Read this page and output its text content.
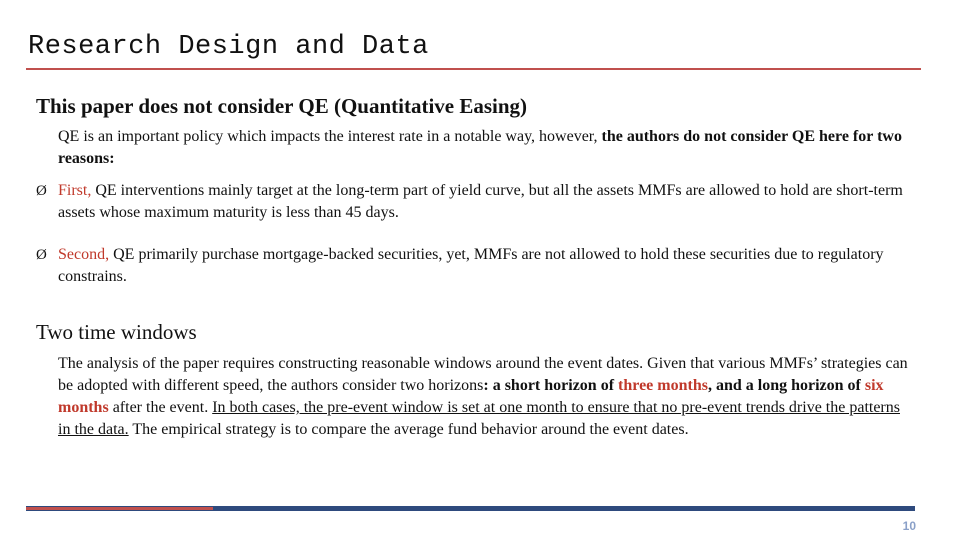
Research Design and Data
This paper does not consider QE (Quantitative Easing)

QE is an important policy which impacts the interest rate in a notable way, however, the authors do not consider QE here for two reasons:

Ø First, QE interventions mainly target at the long-term part of yield curve, but all the assets MMFs are allowed to hold are short-term assets whose maximum maturity is less than 45 days.

Ø Second, QE primarily purchase mortgage-backed securities, yet, MMFs are not allowed to hold these securities due to regulatory constrains.

Two time windows

The analysis of the paper requires constructing reasonable windows around the event dates. Given that various MMFs’ strategies can be adopted with different speed, the authors consider two horizons: a short horizon of three months, and a long horizon of six months after the event. In both cases, the pre-event window is set at one month to ensure that no pre-event trends drive the patterns in the data. The empirical strategy is to compare the average fund behavior around the event dates.

10
